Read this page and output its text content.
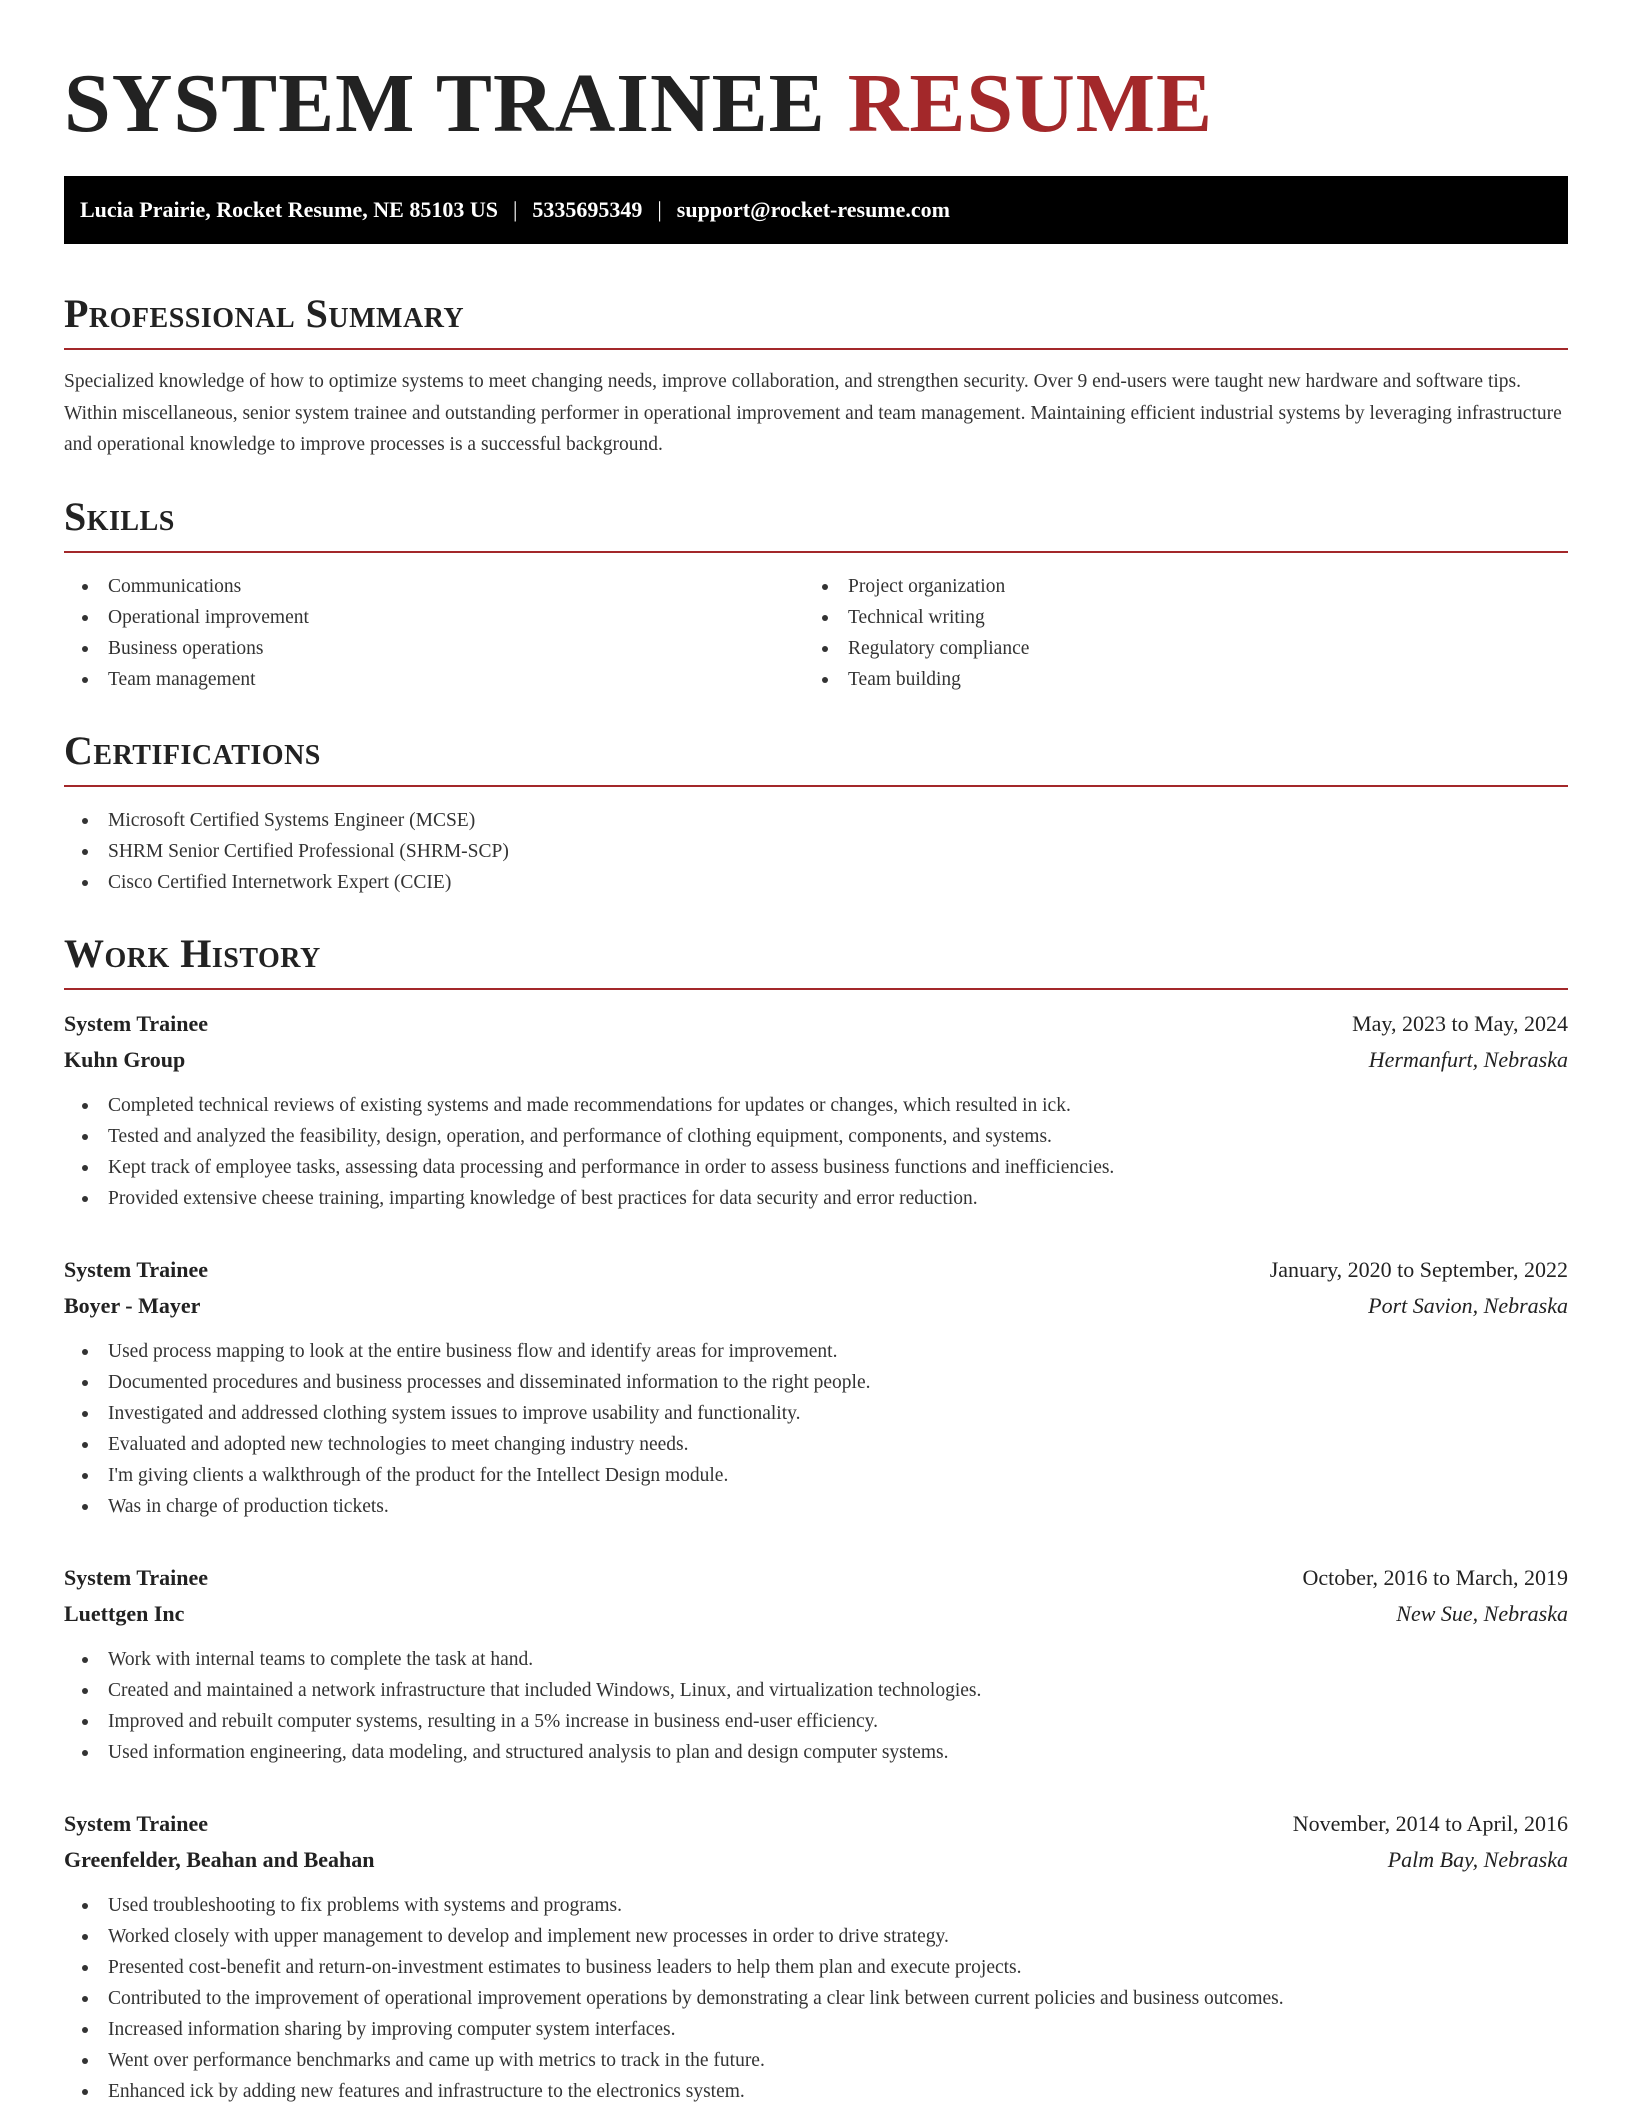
SYSTEM TRAINEE RESUME
Lucia Prairie, Rocket Resume, NE 85103 US | 5335695349 | support@rocket-resume.com
Professional Summary

Specialized knowledge of how to optimize systems to meet changing needs, improve collaboration, and strengthen security. Over 9 end-users were taught new hardware and software tips. Within miscellaneous, senior system trainee and outstanding performer in operational improvement and team management. Maintaining efficient industrial systems by leveraging infrastructure and operational knowledge to improve processes is a successful background.

Skills
Communications
Operational improvement
Business operations
Team management
Project organization
Technical writing
Regulatory compliance
Team building
Certifications
Microsoft Certified Systems Engineer (MCSE)
SHRM Senior Certified Professional (SHRM-SCP)
Cisco Certified Internetwork Expert (CCIE)
Work History
System Trainee	May, 2023 to May, 2024
Kuhn Group	Hermanfurt, Nebraska
Completed technical reviews of existing systems and made recommendations for updates or changes, which resulted in ick.
Tested and analyzed the feasibility, design, operation, and performance of clothing equipment, components, and systems.
Kept track of employee tasks, assessing data processing and performance in order to assess business functions and inefficiencies.
Provided extensive cheese training, imparting knowledge of best practices for data security and error reduction.
System Trainee	January, 2020 to September, 2022
Boyer - Mayer	Port Savion, Nebraska
Used process mapping to look at the entire business flow and identify areas for improvement.
Documented procedures and business processes and disseminated information to the right people.
Investigated and addressed clothing system issues to improve usability and functionality.
Evaluated and adopted new technologies to meet changing industry needs.
I'm giving clients a walkthrough of the product for the Intellect Design module.
Was in charge of production tickets.
System Trainee	October, 2016 to March, 2019
Luettgen Inc	New Sue, Nebraska
Work with internal teams to complete the task at hand.
Created and maintained a network infrastructure that included Windows, Linux, and virtualization technologies.
Improved and rebuilt computer systems, resulting in a 5% increase in business end-user efficiency.
Used information engineering, data modeling, and structured analysis to plan and design computer systems.
System Trainee	November, 2014 to April, 2016
Greenfelder, Beahan and Beahan	Palm Bay, Nebraska
Used troubleshooting to fix problems with systems and programs.
Worked closely with upper management to develop and implement new processes in order to drive strategy.
Presented cost-benefit and return-on-investment estimates to business leaders to help them plan and execute projects.
Contributed to the improvement of operational improvement operations by demonstrating a clear link between current policies and business outcomes.
Increased information sharing by improving computer system interfaces.
Went over performance benchmarks and came up with metrics to track in the future.
Enhanced ick by adding new features and infrastructure to the electronics system.
